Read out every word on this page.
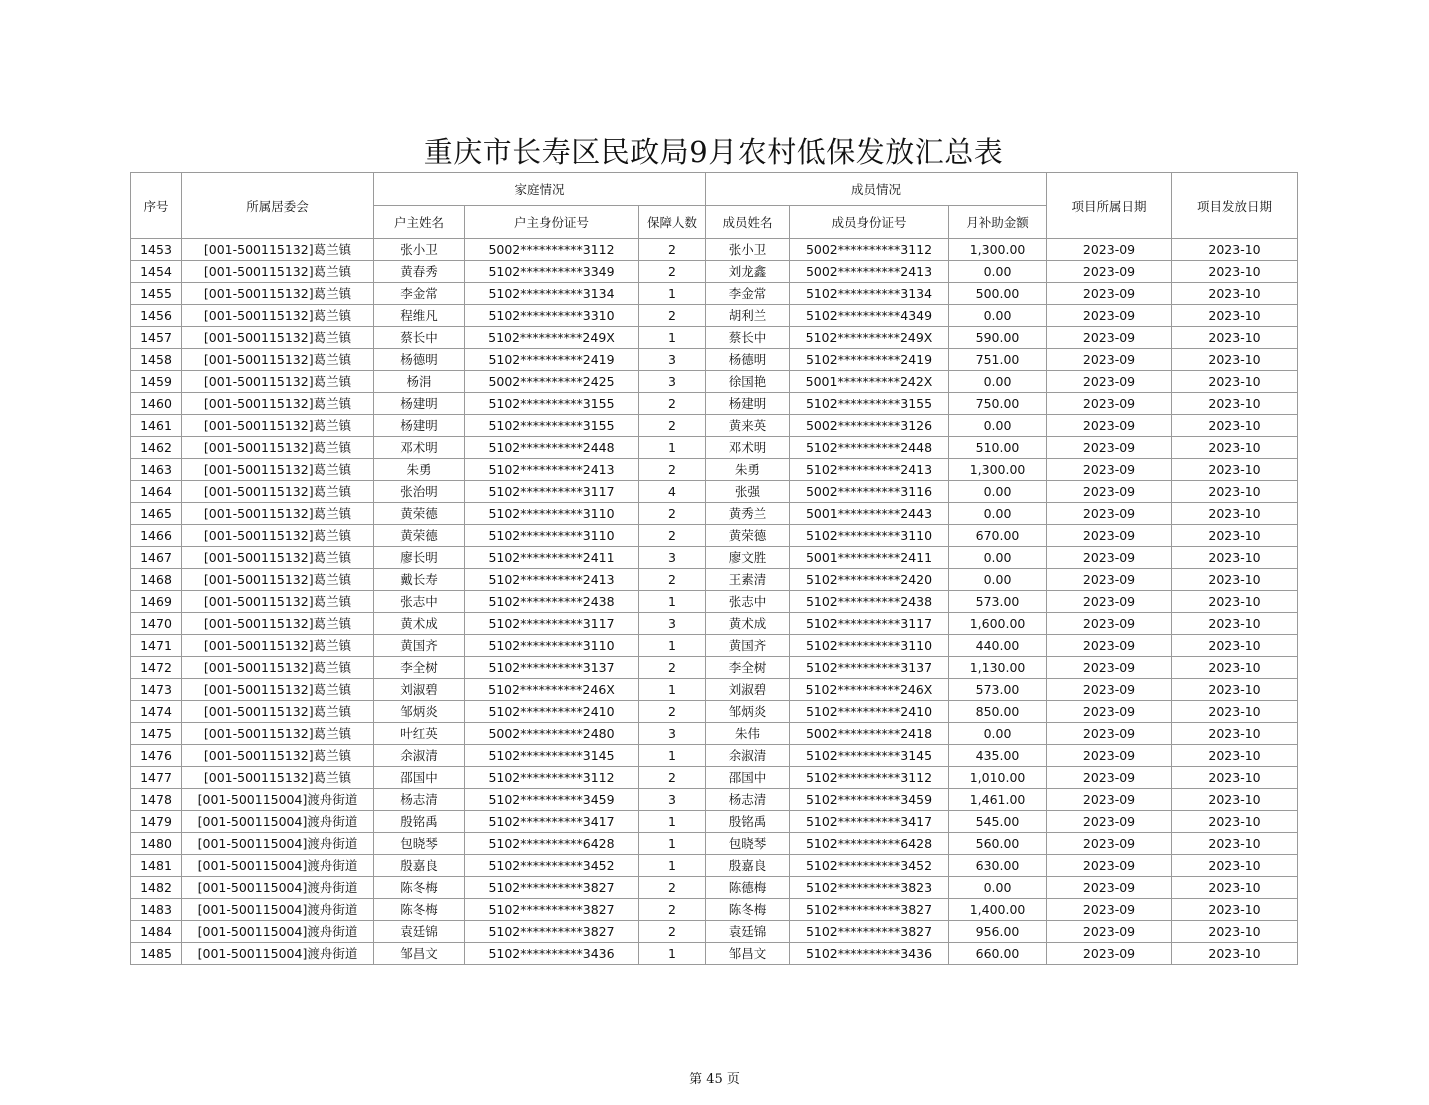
重庆市长寿区民政局9月农村低保发放汇总表
序号	所属居委会	家庭情况			成员情况			项目所属日期	项目发放日期
		户主姓名	户主身份证号	保障人数	成员姓名	成员身份证号	月补助金额		
1453	[001-500115132]葛兰镇	张小卫	5002**********3112	2	张小卫	5002**********3112	1,300.00	2023-09	2023-10
1454	[001-500115132]葛兰镇	黄春秀	5102**********3349	2	刘龙鑫	5002**********2413	0.00	2023-09	2023-10
1455	[001-500115132]葛兰镇	李金常	5102**********3134	1	李金常	5102**********3134	500.00	2023-09	2023-10
1456	[001-500115132]葛兰镇	程维凡	5102**********3310	2	胡利兰	5102**********4349	0.00	2023-09	2023-10
1457	[001-500115132]葛兰镇	蔡长中	5102**********249X	1	蔡长中	5102**********249X	590.00	2023-09	2023-10
1458	[001-500115132]葛兰镇	杨德明	5102**********2419	3	杨德明	5102**********2419	751.00	2023-09	2023-10
1459	[001-500115132]葛兰镇	杨涓	5002**********2425	3	徐国艳	5001**********242X	0.00	2023-09	2023-10
1460	[001-500115132]葛兰镇	杨建明	5102**********3155	2	杨建明	5102**********3155	750.00	2023-09	2023-10
1461	[001-500115132]葛兰镇	杨建明	5102**********3155	2	黄来英	5002**********3126	0.00	2023-09	2023-10
1462	[001-500115132]葛兰镇	邓术明	5102**********2448	1	邓术明	5102**********2448	510.00	2023-09	2023-10
1463	[001-500115132]葛兰镇	朱勇	5102**********2413	2	朱勇	5102**********2413	1,300.00	2023-09	2023-10
1464	[001-500115132]葛兰镇	张治明	5102**********3117	4	张强	5002**********3116	0.00	2023-09	2023-10
1465	[001-500115132]葛兰镇	黄荣德	5102**********3110	2	黄秀兰	5001**********2443	0.00	2023-09	2023-10
1466	[001-500115132]葛兰镇	黄荣德	5102**********3110	2	黄荣德	5102**********3110	670.00	2023-09	2023-10
1467	[001-500115132]葛兰镇	廖长明	5102**********2411	3	廖文胜	5001**********2411	0.00	2023-09	2023-10
1468	[001-500115132]葛兰镇	戴长寿	5102**********2413	2	王素清	5102**********2420	0.00	2023-09	2023-10
1469	[001-500115132]葛兰镇	张志中	5102**********2438	1	张志中	5102**********2438	573.00	2023-09	2023-10
1470	[001-500115132]葛兰镇	黄术成	5102**********3117	3	黄术成	5102**********3117	1,600.00	2023-09	2023-10
1471	[001-500115132]葛兰镇	黄国齐	5102**********3110	1	黄国齐	5102**********3110	440.00	2023-09	2023-10
1472	[001-500115132]葛兰镇	李全树	5102**********3137	2	李全树	5102**********3137	1,130.00	2023-09	2023-10
1473	[001-500115132]葛兰镇	刘淑碧	5102**********246X	1	刘淑碧	5102**********246X	573.00	2023-09	2023-10
1474	[001-500115132]葛兰镇	邹炳炎	5102**********2410	2	邹炳炎	5102**********2410	850.00	2023-09	2023-10
1475	[001-500115132]葛兰镇	叶红英	5002**********2480	3	朱伟	5002**********2418	0.00	2023-09	2023-10
1476	[001-500115132]葛兰镇	余淑清	5102**********3145	1	余淑清	5102**********3145	435.00	2023-09	2023-10
1477	[001-500115132]葛兰镇	邵国中	5102**********3112	2	邵国中	5102**********3112	1,010.00	2023-09	2023-10
1478	[001-500115004]渡舟街道	杨志清	5102**********3459	3	杨志清	5102**********3459	1,461.00	2023-09	2023-10
1479	[001-500115004]渡舟街道	殷铭禹	5102**********3417	1	殷铭禹	5102**********3417	545.00	2023-09	2023-10
1480	[001-500115004]渡舟街道	包晓琴	5102**********6428	1	包晓琴	5102**********6428	560.00	2023-09	2023-10
1481	[001-500115004]渡舟街道	殷嘉良	5102**********3452	1	殷嘉良	5102**********3452	630.00	2023-09	2023-10
1482	[001-500115004]渡舟街道	陈冬梅	5102**********3827	2	陈德梅	5102**********3823	0.00	2023-09	2023-10
1483	[001-500115004]渡舟街道	陈冬梅	5102**********3827	2	陈冬梅	5102**********3827	1,400.00	2023-09	2023-10
1484	[001-500115004]渡舟街道	袁廷锦	5102**********3827	2	袁廷锦	5102**********3827	956.00	2023-09	2023-10
1485	[001-500115004]渡舟街道	邹昌文	5102**********3436	1	邹昌文	5102**********3436	660.00	2023-09	2023-10
第 45 页
